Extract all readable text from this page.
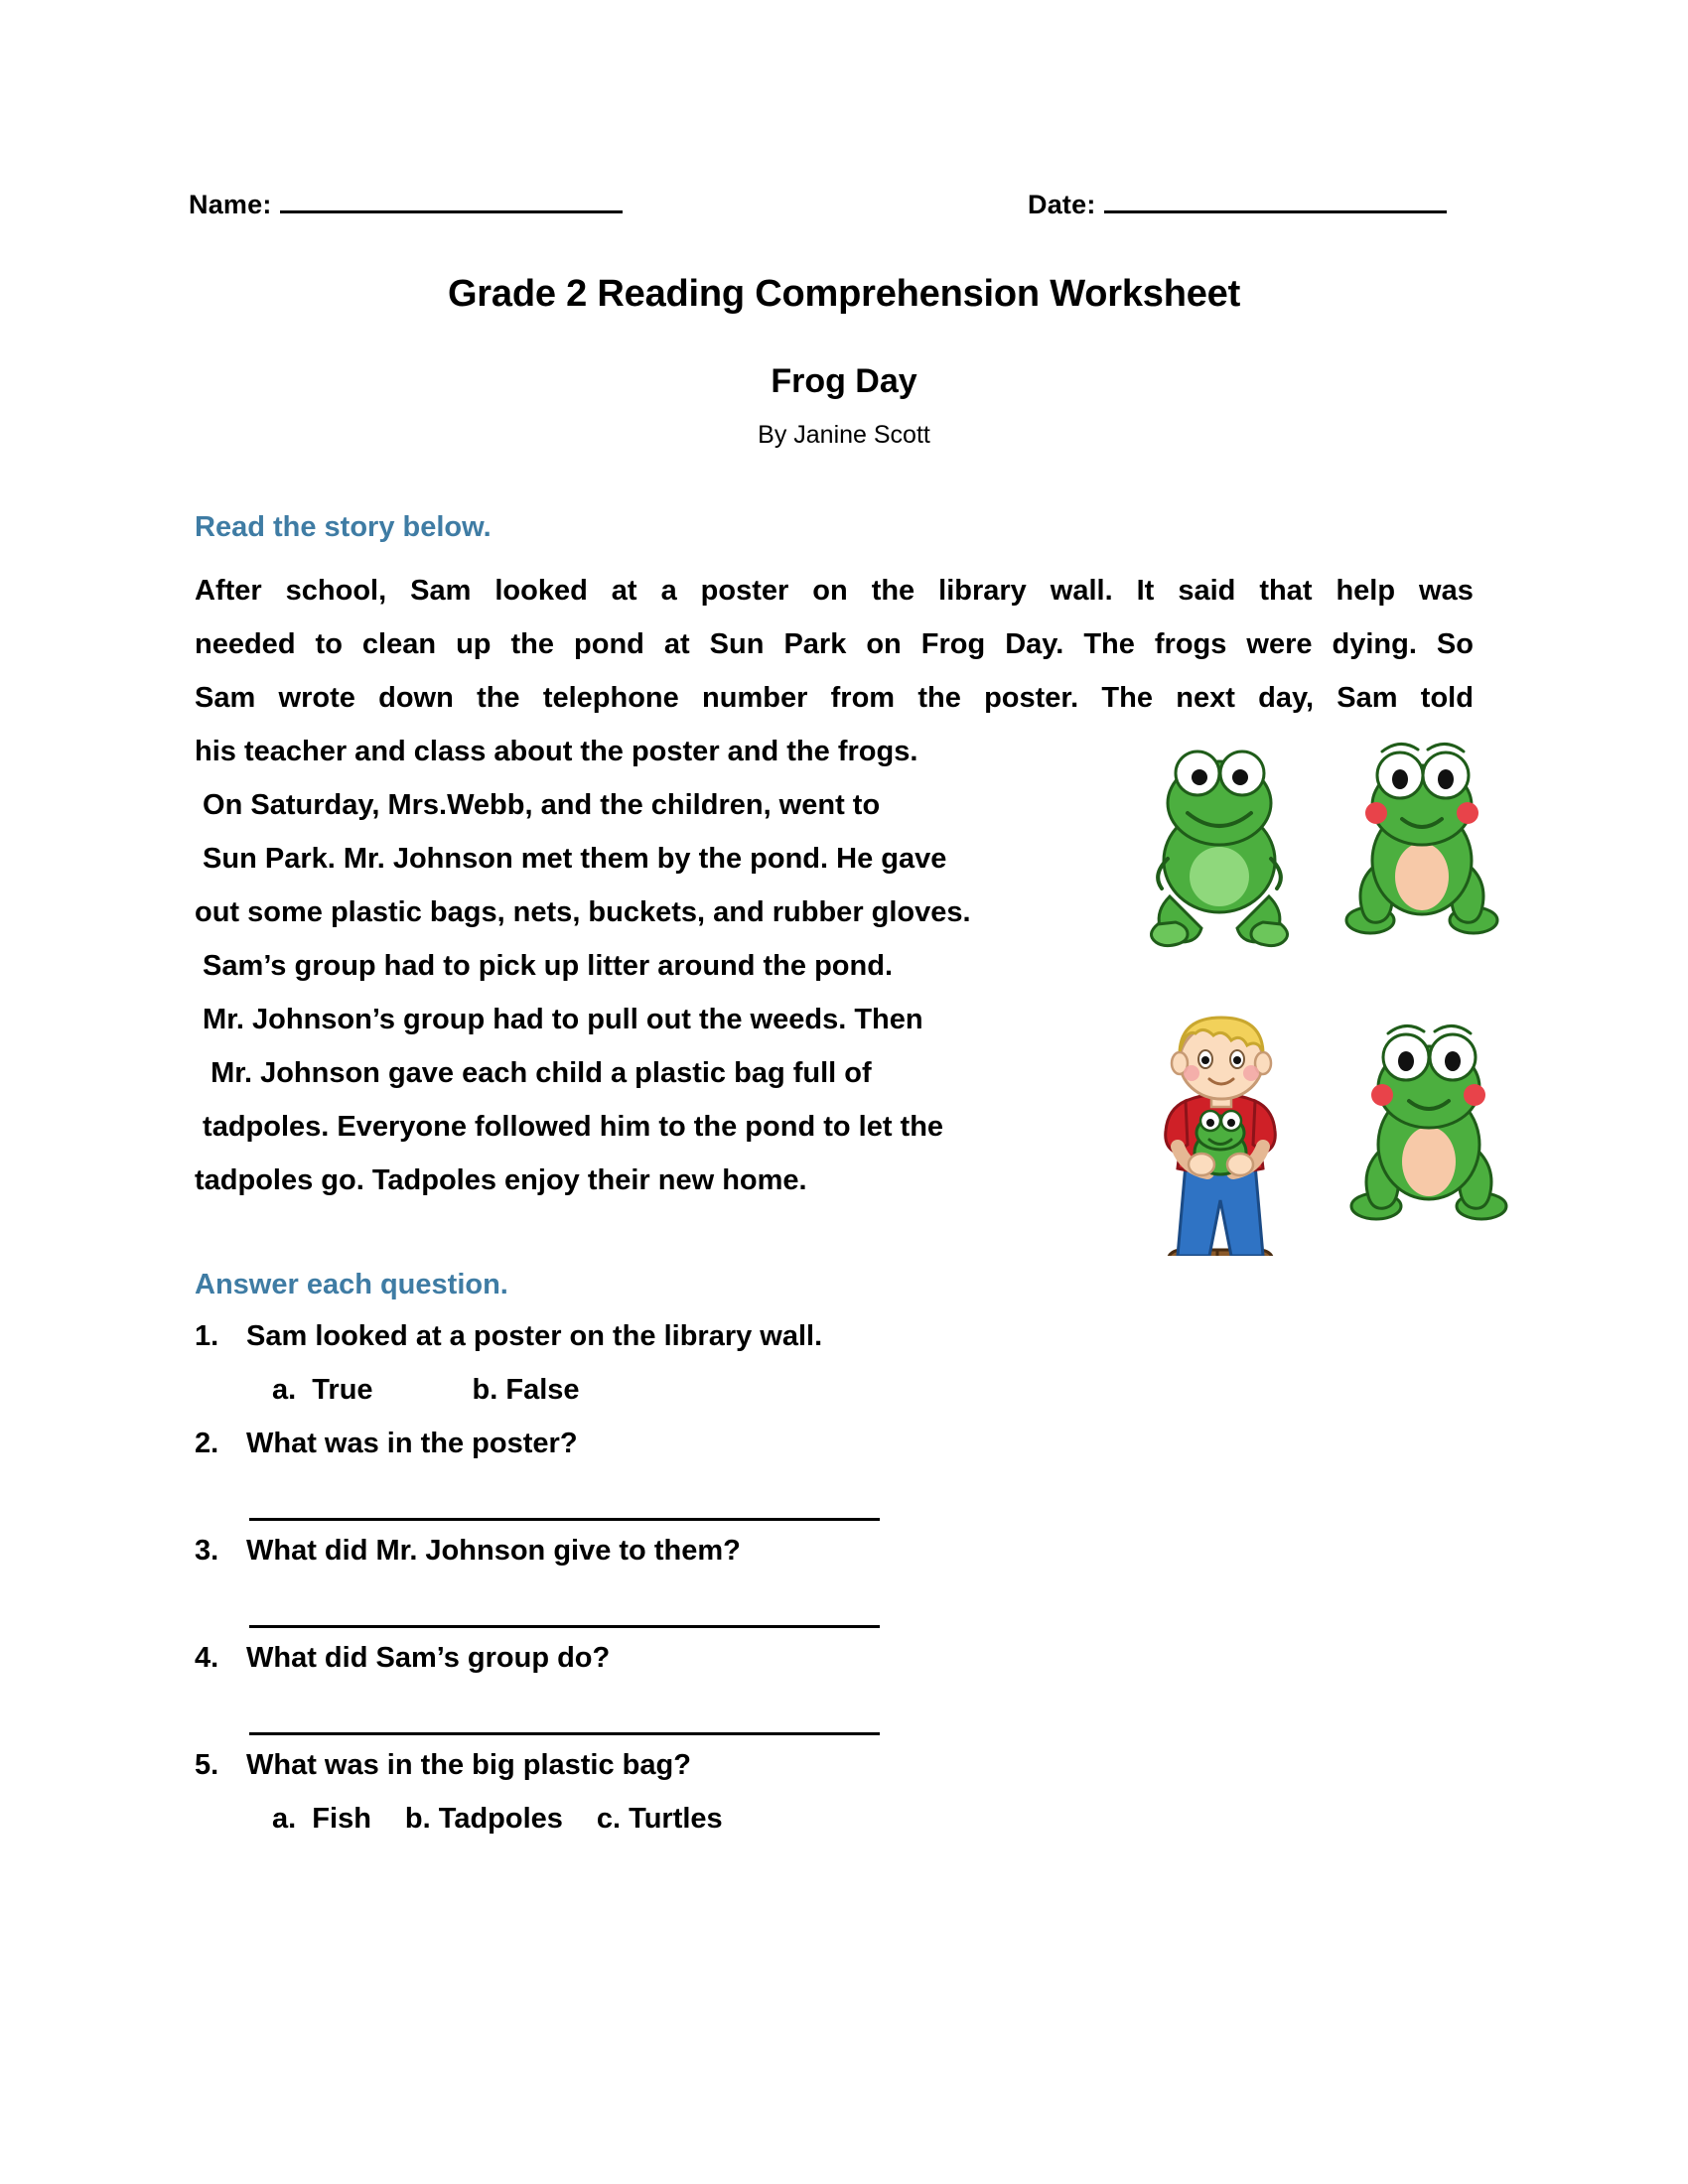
Name:	Date:
Grade 2 Reading Comprehension Worksheet
Frog Day
By Janine Scott
Read the story below.
After school, Sam looked at a poster on the library wall. It said that help was
needed to clean up the pond at Sun Park on Frog Day. The frogs were dying. So
Sam wrote down the telephone number from the poster. The next day, Sam told
his teacher and class about the poster and the frogs.
On Saturday, Mrs.Webb, and the children, went to
Sun Park. Mr. Johnson met them by the pond. He gave
out some plastic bags, nets, buckets, and rubber gloves.
Sam’s group had to pick up litter around the pond.
Mr. Johnson’s group had to pull out the weeds. Then
Mr. Johnson gave each child a plastic bag full of
tadpoles. Everyone followed him to the pond to let the
tadpoles go. Tadpoles enjoy their new home.
Answer each question.
1. Sam looked at a poster on the library wall.
a.  True	b. False
2. What was in the poster?
3. What did Mr. Johnson give to them?
4. What did Sam’s group do?
5. What was in the big plastic bag?
a.  Fish b. Tadpoles c. Turtles
